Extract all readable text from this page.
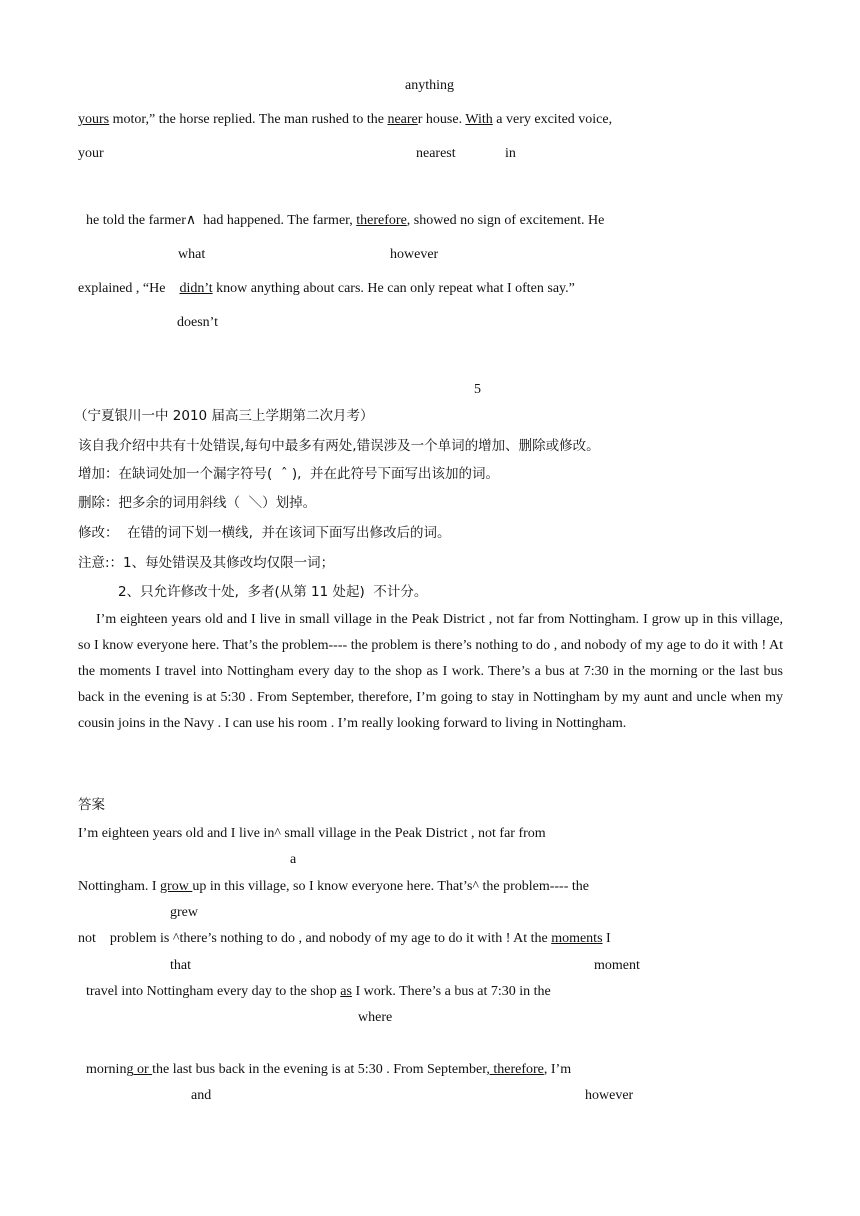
anything
yours motor,” the horse replied. The man rushed to the nearer house. With a very excited voice,
your	nearest	in
he told the farmer∧  had happened. The farmer, therefore, showed no sign of excitement. He
what	however
explained , “He    didn’t know anything about cars. He can only repeat what I often say.”
doesn’t
5
（宁夏银川一中 2010 届高三上学期第二次月考）
该自我介绍中共有十处错误,每句中最多有两处,错误涉及一个单词的增加、删除或修改。
增加：在缺词处加一个漏字符号(  ˆ ),  并在此符号下面写出该加的词。
删除：把多余的词用斜线（  ＼）划掉。
修改：  在错的词下划一横线,  并在该词下面写出修改后的词。
注意:：1、每处错误及其修改均仅限一词；
2、只允许修改十处,  多者(从第 11 处起)  不计分。
I’m eighteen years old and I live in small village in the Peak District , not far from Nottingham. I grow up in this village, so I know everyone here. That’s the problem---- the problem is there’s nothing to do , and nobody of my age to do it with ! At the moments I travel into Nottingham every day to the shop as I work. There’s a bus at 7:30 in the morning or the last bus back in the evening is at 5:30 . From September, therefore, I’m going to stay in Nottingham by my aunt and uncle when my cousin joins in the Navy . I can use his room . I’m really looking forward to living in Nottingham.
答案
I’m eighteen years old and I live in^ small village in the Peak District , not far from
a
Nottingham. I grow up in this village, so I know everyone here. That’s^ the problem---- the
grew
not    problem is ^there’s nothing to do , and nobody of my age to do it with ! At the moments I
that	moment
travel into Nottingham every day to the shop as I work. There’s a bus at 7:30 in the
where
morning or the last bus back in the evening is at 5:30 . From September, therefore, I’m
and	however
